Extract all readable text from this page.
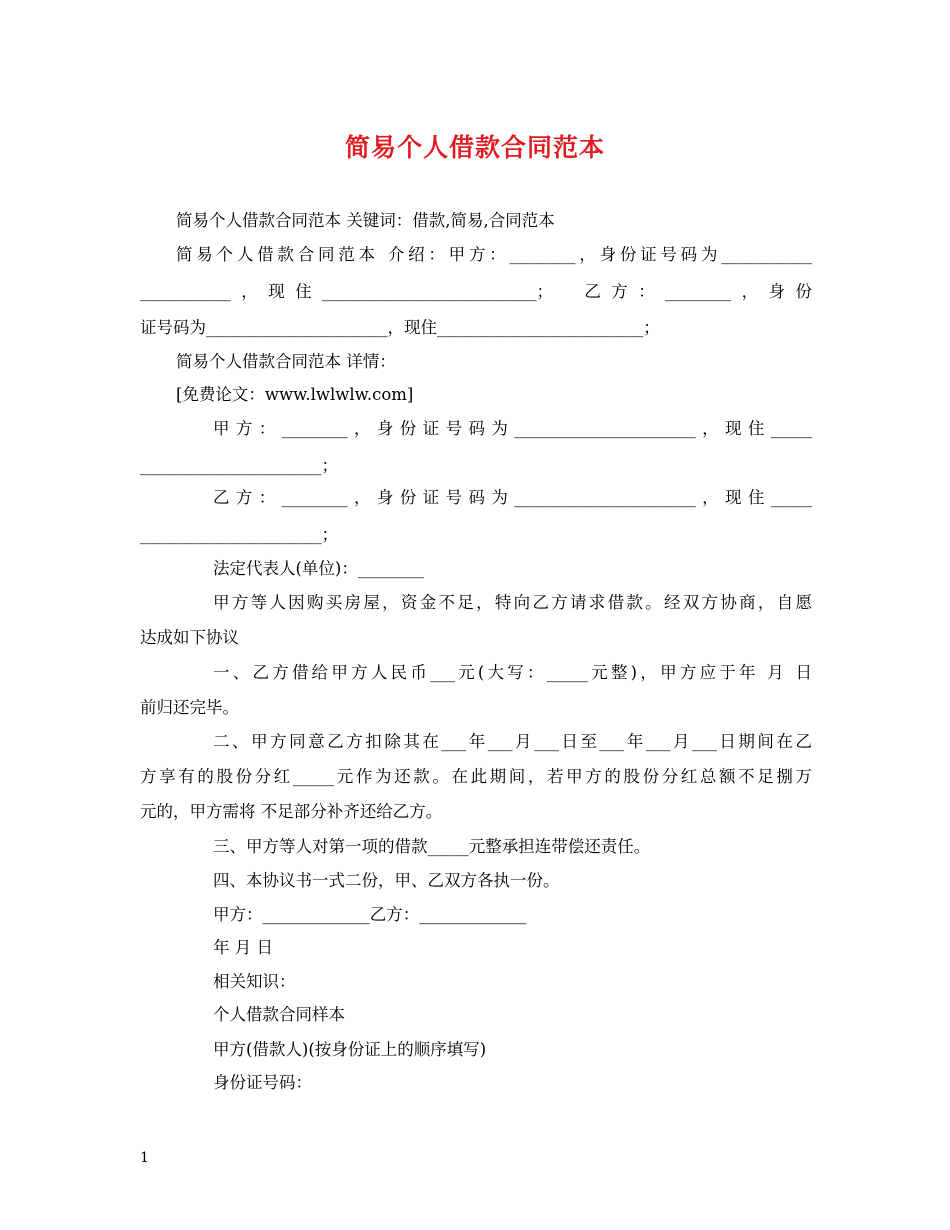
简易个人借款合同范本
简易个人借款合同范本 关键词：借款,简易,合同范本
简易个人借款合同范本 介绍：甲方：________，身份证号码为___________
___________，现住__________________________；  乙方：________，身份
证号码为______________________，现住_________________________；
简易个人借款合同范本 详情：
[免费论文：www.lwlwlw.com]
甲方：________，身份证号码为______________________，现住_____
______________________；
乙方：________，身份证号码为______________________，现住_____
______________________；
法定代表人(单位)：________
甲方等人因购买房屋，资金不足，特向乙方请求借款。经双方协商，自愿
达成如下协议
一、乙方借给甲方人民币___元(大写：_____元整)，甲方应于年 月 日
前归还完毕。
二、甲方同意乙方扣除其在___年___月___日至___年___月___日期间在乙
方享有的股份分红_____元作为还款。在此期间，若甲方的股份分红总额不足捌万
元的，甲方需将 不足部分补齐还给乙方。
三、甲方等人对第一项的借款_____元整承担连带偿还责任。
四、本协议书一式二份，甲、乙双方各执一份。
甲方：_____________乙方：_____________
年 月 日
相关知识：
个人借款合同样本
甲方(借款人)(按身份证上的顺序填写)
身份证号码：
1
